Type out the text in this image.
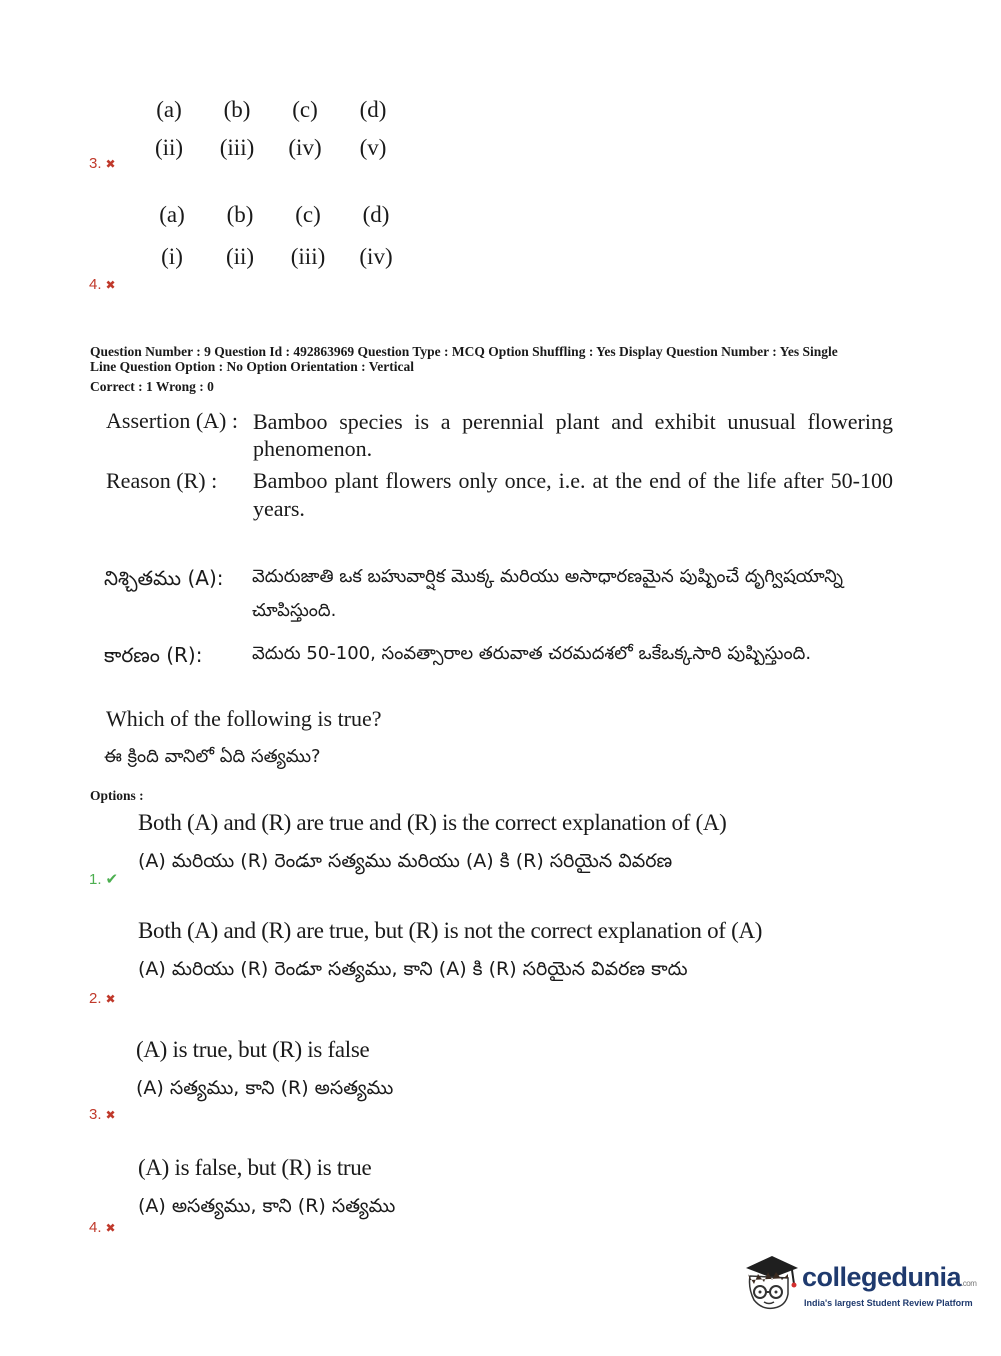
(a)	(b)	(c)	(d)
(ii)	(iii)	(iv)	(v)
3. ✖
(a)	(b)	(c)	(d)
(i)	(ii)	(iii)	(iv)
4. ✖
Question Number : 9 Question Id : 492863969 Question Type : MCQ Option Shuffling : Yes Display Question Number : Yes Single
Line Question Option : No Option Orientation : Vertical
Correct : 1 Wrong : 0
Assertion (A) : Bamboo species is a perennial plant and exhibit unusual flowering
phenomenon.
Reason (R) : Bamboo plant flowers only once, i.e. at the end of the life after 50-100
years.
నిశ్చితము (A): వెదురుజాతి ఒక బహువార్షిక మొక్క మరియు అసాధారణమైన పుష్పించే దృగ్విషయాన్ని
చూపిస్తుంది.
కారణం (R):	వెదురు 50-100, సంవత్సారాల తరువాత చరమదశలో ఒకేఒక్కసారి పుష్పిస్తుంది.
Which of the following is true?
ఈ క్రింది వానిలో ఏది సత్యము?
Options :
Both (A) and (R) are true and (R) is the correct explanation of (A)
(A) మరియు (R) రెండూ సత్యము మరియు (A) కి (R) సరియైన వివరణ
1. ✔
Both (A) and (R) are true, but (R) is not the correct explanation of (A)
(A) మరియు (R) రెండూ సత్యము, కాని (A) కి (R) సరియైన వివరణ కాదు
2. ✖
(A) is true, but (R) is false
(A) సత్యము, కాని (R) అసత్యము
3. ✖
(A) is false, but (R) is true
(A) అసత్యము, కాని (R) సత్యము
4. ✖
collegedunia.com
India's largest Student Review Platform
